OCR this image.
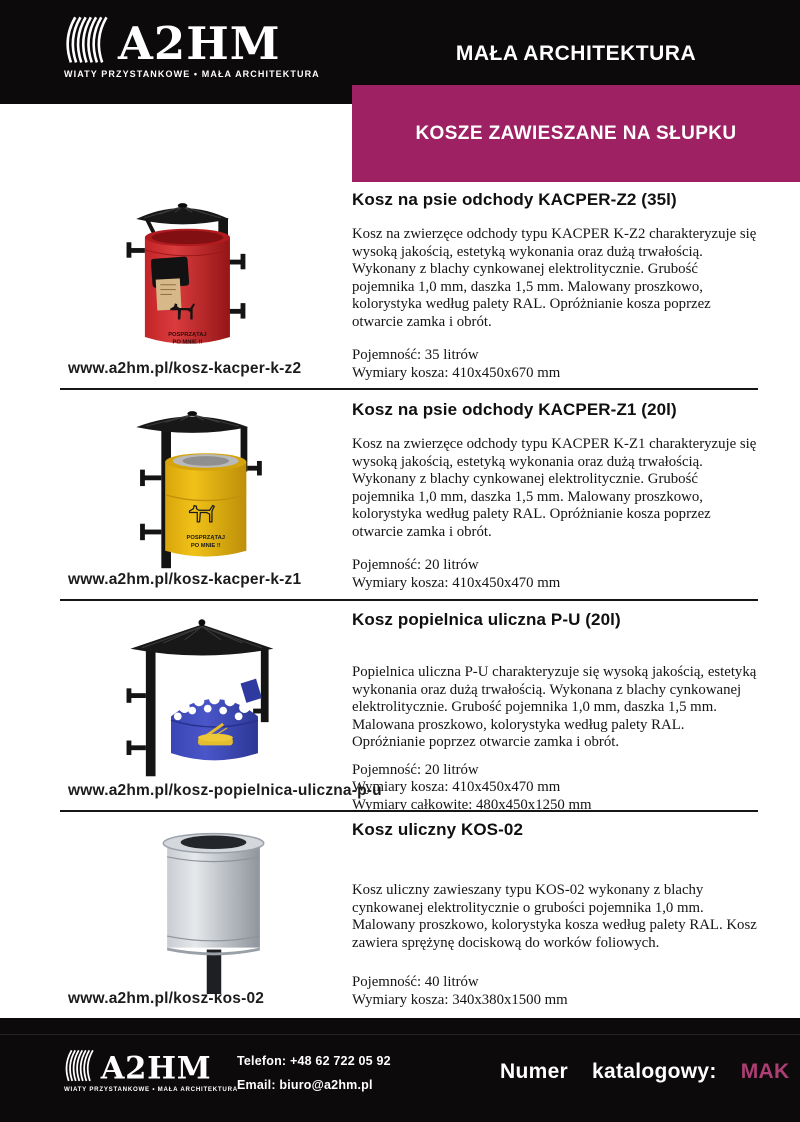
A2HM
WIATY PRZYSTANKOWE • MAŁA ARCHITEKTURA
MAŁA ARCHITEKTURA
KOSZE ZAWIESZANE NA SŁUPKU
POSPRZĄTAJ
PO MNIE !!
Kosz na psie odchody KACPER-Z2 (35l)

Kosz na zwierzęce odchody typu KACPER K-Z2 charakteryzuje się wysoką jakością, estetyką wykonania oraz dużą trwałością. Wykonany z blachy cynkowanej elektrolitycznie. Grubość pojemnika 1,0 mm, daszka 1,5 mm. Malowany proszkowo, kolorystyka według palety RAL. Opróżnianie kosza poprzez otwarcie zamka i obrót.

Pojemność: 35 litrów
Wymiary kosza: 410x450x670 mm
www.a2hm.pl/kosz-kacper-k-z2
POSPRZĄTAJ
PO MNIE !!
Kosz na psie odchody KACPER-Z1 (20l)

Kosz na zwierzęce odchody typu KACPER K-Z1 charakteryzuje się wysoką jakością, estetyką wykonania oraz dużą trwałością. Wykonany z blachy cynkowanej elektrolitycznie. Grubość pojemnika 1,0 mm, daszka 1,5 mm. Malowany proszkowo, kolorystyka według palety RAL. Opróżnianie kosza poprzez otwarcie zamka i obrót.

Pojemność: 20 litrów
Wymiary kosza: 410x450x470 mm
www.a2hm.pl/kosz-kacper-k-z1
Kosz popielnica uliczna P-U (20l)

Popielnica uliczna P-U charakteryzuje się wysoką jakością, estetyką wykonania oraz dużą trwałością. Wykonana z blachy cynkowanej elektrolitycznie. Grubość pojemnika 1,0 mm, daszka 1,5 mm. Malowana proszkowo, kolorystyka według palety RAL. Opróżnianie poprzez otwarcie zamka i obrót.

Pojemność: 20 litrów
Wymiary kosza: 410x450x470 mm
Wymiary całkowite: 480x450x1250 mm
www.a2hm.pl/kosz-popielnica-uliczna-p-u
Kosz uliczny KOS-02

Kosz uliczny zawieszany typu KOS-02 wykonany z blachy cynkowanej elektrolitycznie o grubości pojemnika 1,0 mm. Malowany proszkowo, kolorystyka kosza według palety RAL. Kosz zawiera sprężynę dociskową do worków foliowych.

Pojemność: 40 litrów
Wymiary kosza: 340x380x1500 mm
www.a2hm.pl/kosz-kos-02
A2HM
WIATY PRZYSTANKOWE • MAŁA ARCHITEKTURA
Telefon: +48 62 722 05 92
Email: biuro@a2hm.pl
Numer katalogowy: MAK
